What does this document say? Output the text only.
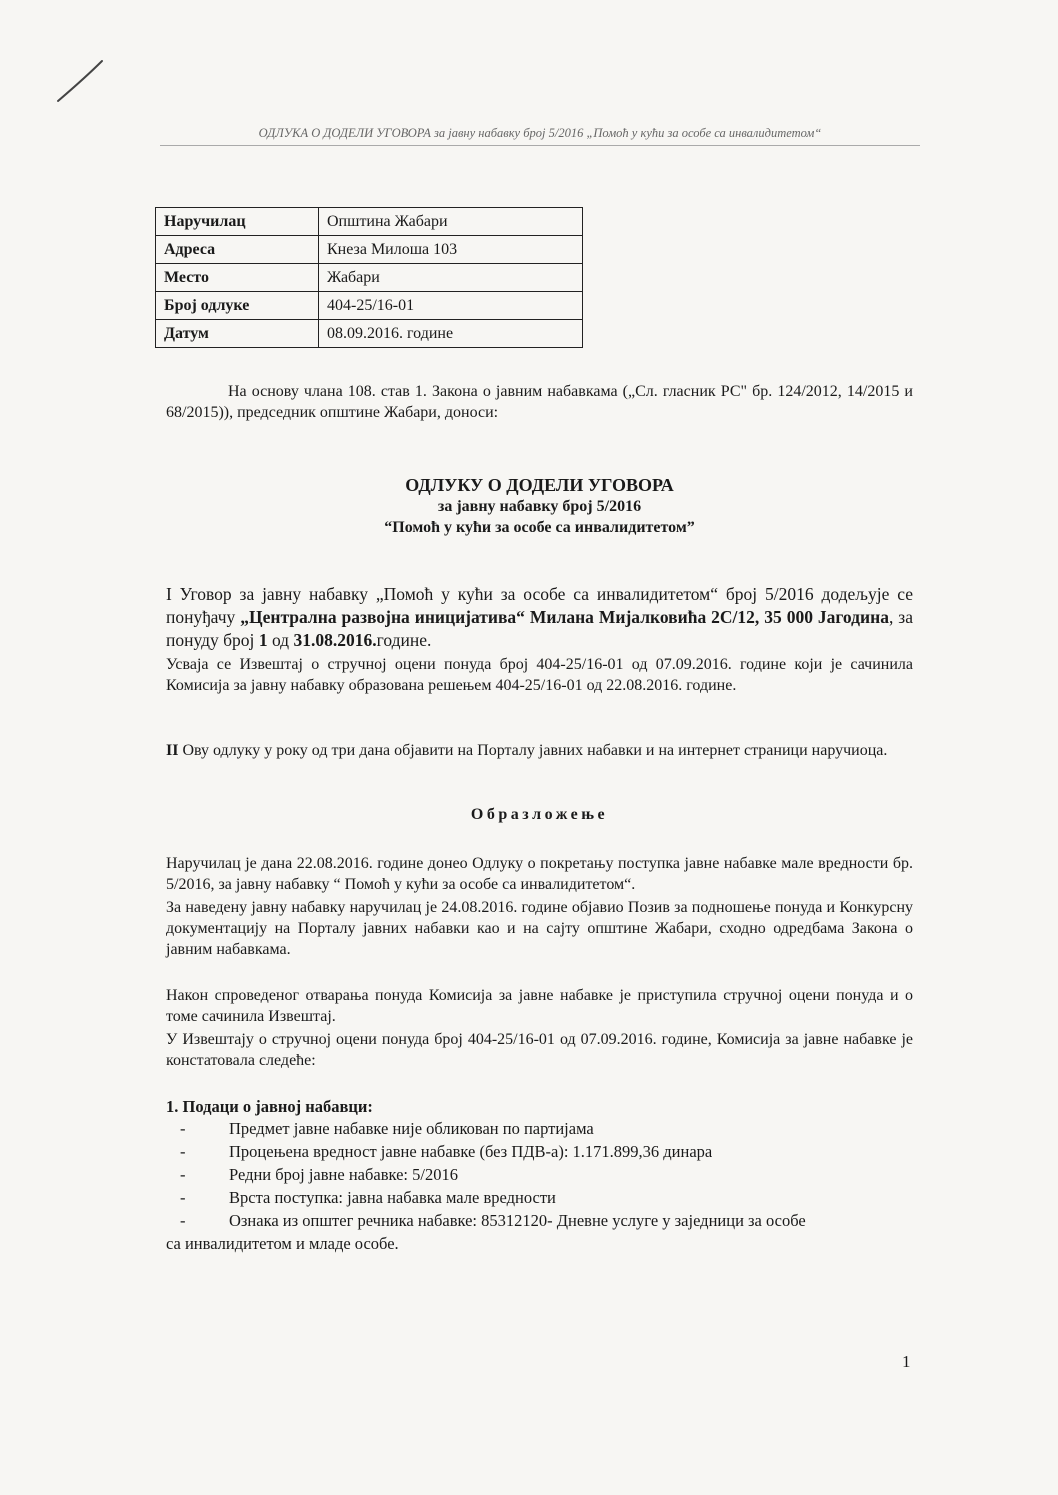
ОДЛУКА О ДОДЕЛИ УГОВОРА за јавну набавку број 5/2016 „Помоћ у кући за особе са инвалидитетом“
Наручилац	Општина Жабари
Адреса	Кнеза Милоша 103
Место	Жабари
Број одлуке	404-25/16-01
Датум	08.09.2016. године

На основу члана 108. став 1. Закона о јавним набавкама („Сл. гласник РС" бр. 124/2012, 14/2015 и 68/2015)), председник општине Жабари, доноси:

ОДЛУКУ О ДОДЕЛИ УГОВОРА
за јавну набавку број 5/2016
“Помоћ у кући за особе са инвалидитетом”

I Уговор за јавну набавку „Помоћ у кући за особе са инвалидитетом“ број 5/2016 додељује се понуђачу „Централна развојна иницијатива“ Милана Мијалковића 2С/12, 35 000 Јагодина, за понуду број 1 од 31.08.2016.године.

Усваја се Извештај о стручној оцени понуда број 404-25/16-01 од 07.09.2016. године који је сачинила Комисија за јавну набавку образована решењем 404-25/16-01 од 22.08.2016. године.

II Ову одлуку у року од три дана објавити на Порталу јавних набавки и на интернет страници наручиоца.

Образложење

Наручилац је дана 22.08.2016. године донео Одлуку о покретању поступка јавне набавке мале вредности бр. 5/2016, за јавну набавку “ Помоћ у кући за особе са инвалидитетом“.

За наведену јавну набавку наручилац је 24.08.2016. године објавио Позив за подношење понуда и Конкурсну документацију на Порталу јавних набавки као и на сајту општине Жабари, сходно одредбама Закона о јавним набавкама.

Након спроведеног отварања понуда Комисија за јавне набавке је приступила стручној оцени понуда и о томе сачинила Извештај.

У Извештају о стручној оцени понуда број 404-25/16-01 од 07.09.2016. године, Комисија за јавне набавке је констатовала следеће:

1. Подаци о јавној набавци:
- Предмет јавне набавке није обликован по партијама
- Процењена вредност јавне набавке (без ПДВ-а): 1.171.899,36 динара
- Редни број јавне набавке: 5/2016
- Врста поступка: јавна набавка мале вредности
- Ознака из општег речника набавке: 85312120- Дневне услуге у заједници за особе
са инвалидитетом и младе особе.
1
